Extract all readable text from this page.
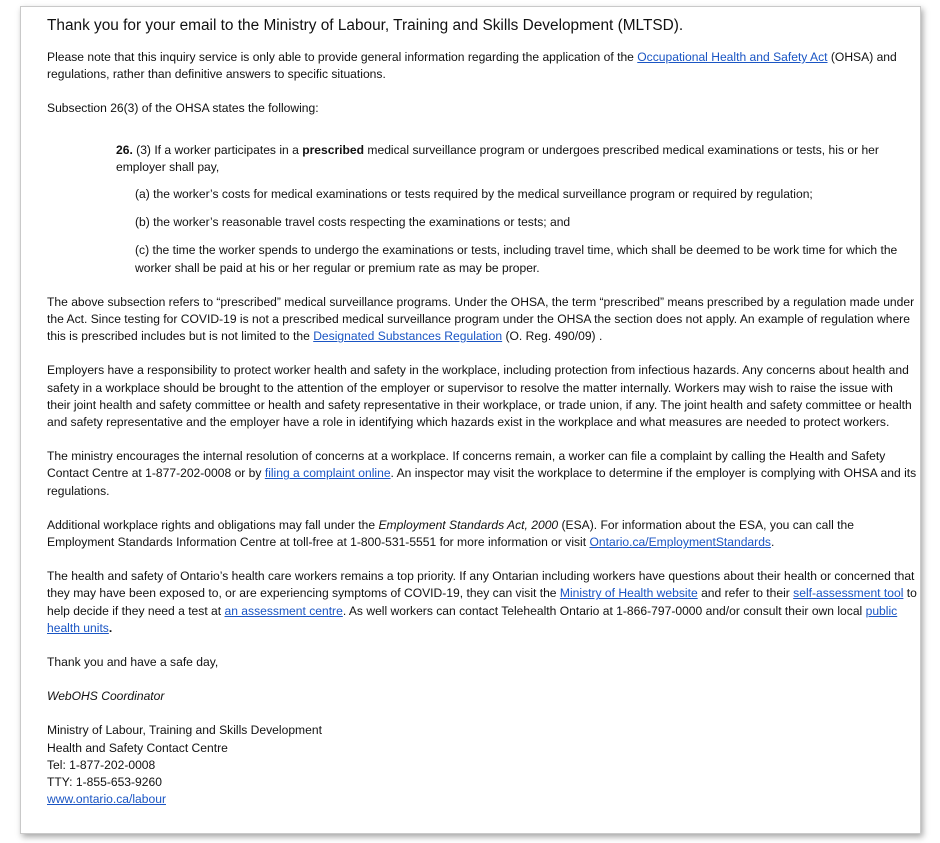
Thank you for your email to the Ministry of Labour, Training and Skills Development (MLTSD).

Please note that this inquiry service is only able to provide general information regarding the application of the Occupational Health and Safety Act (OHSA) and regulations, rather than definitive answers to specific situations.

Subsection 26(3) of the OHSA states the following:

26. (3) If a worker participates in a prescribed medical surveillance program or undergoes prescribed medical examinations or tests, his or her employer shall pay,

(a) the worker’s costs for medical examinations or tests required by the medical surveillance program or required by regulation;

(b) the worker’s reasonable travel costs respecting the examinations or tests; and

(c) the time the worker spends to undergo the examinations or tests, including travel time, which shall be deemed to be work time for which the worker shall be paid at his or her regular or premium rate as may be proper.

The above subsection refers to “prescribed” medical surveillance programs. Under the OHSA, the term “prescribed” means prescribed by a regulation made under the Act. Since testing for COVID-19 is not a prescribed medical surveillance program under the OHSA the section does not apply. An example of regulation where this is prescribed includes but is not limited to the Designated Substances Regulation (O. Reg. 490/09) .

Employers have a responsibility to protect worker health and safety in the workplace, including protection from infectious hazards. Any concerns about health and safety in a workplace should be brought to the attention of the employer or supervisor to resolve the matter internally. Workers may wish to raise the issue with their joint health and safety committee or health and safety representative in their workplace, or trade union, if any. The joint health and safety committee or health and safety representative and the employer have a role in identifying which hazards exist in the workplace and what measures are needed to protect workers.

The ministry encourages the internal resolution of concerns at a workplace. If concerns remain, a worker can file a complaint by calling the Health and Safety Contact Centre at 1-877-202-0008 or by filing a complaint online. An inspector may visit the workplace to determine if the employer is complying with OHSA and its regulations.

Additional workplace rights and obligations may fall under the Employment Standards Act, 2000 (ESA). For information about the ESA, you can call the Employment Standards Information Centre at toll-free at 1-800-531-5551 for more information or visit Ontario.ca/EmploymentStandards.

The health and safety of Ontario’s health care workers remains a top priority. If any Ontarian including workers have questions about their health or concerned that they may have been exposed to, or are experiencing symptoms of COVID-19, they can visit the Ministry of Health website and refer to their self-assessment tool to help decide if they need a test at an assessment centre. As well workers can contact Telehealth Ontario at 1-866-797-0000 and/or consult their own local public health units.

Thank you and have a safe day,

WebOHS Coordinator

Ministry of Labour, Training and Skills Development

Health and Safety Contact Centre

Tel: 1-877-202-0008

TTY: 1-855-653-9260

www.ontario.ca/labour
